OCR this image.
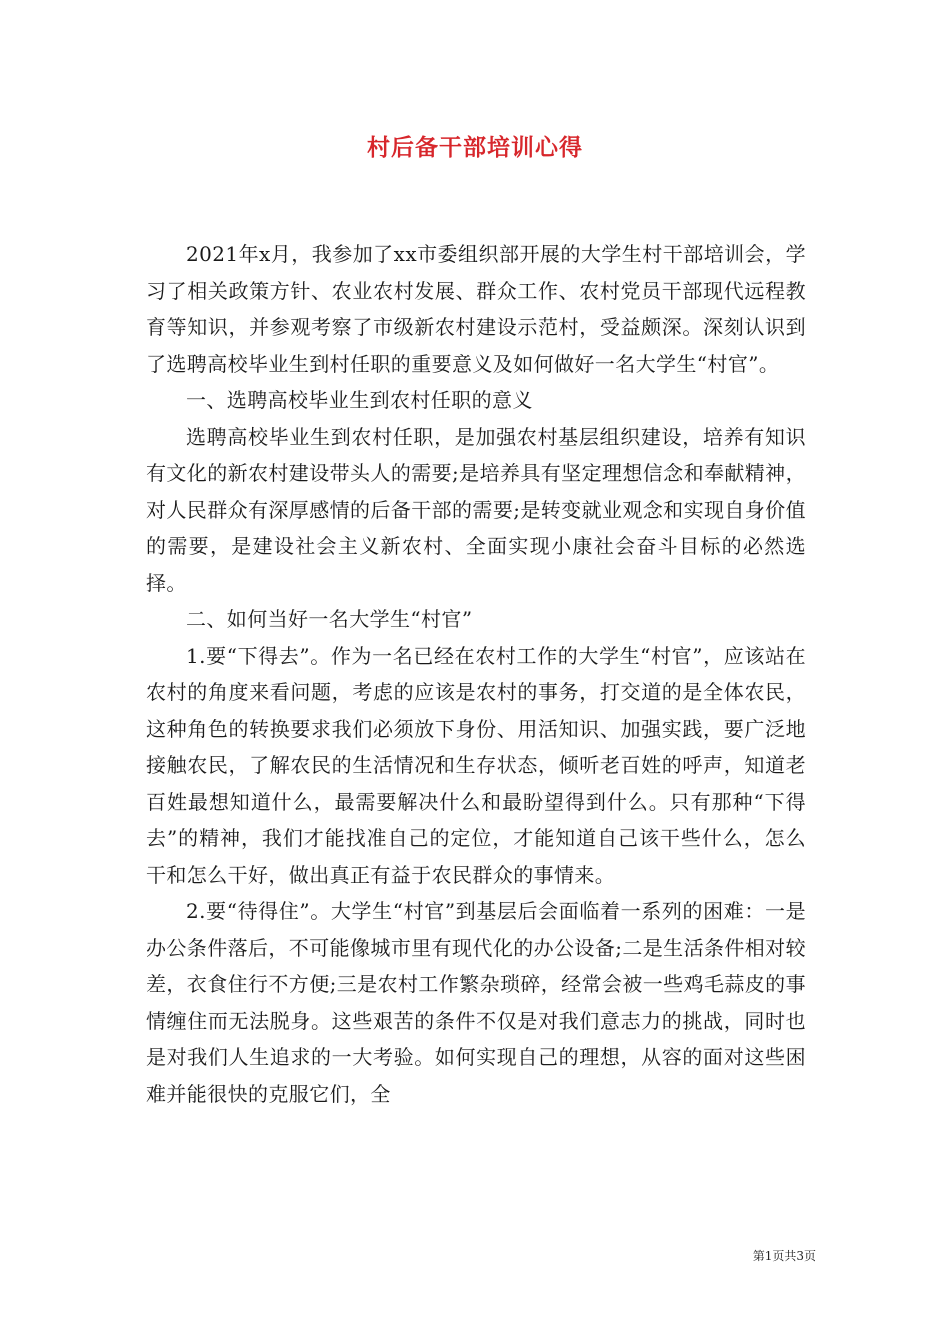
村后备干部培训心得

2021年x月，我参加了xx市委组织部开展的大学生村干部培训会，学习了相关政策方针、农业农村发展、群众工作、农村党员干部现代远程教育等知识，并参观考察了市级新农村建设示范村，受益颇深。深刻认识到了选聘高校毕业生到村任职的重要意义及如何做好一名大学生“村官”。

一、选聘高校毕业生到农村任职的意义

选聘高校毕业生到农村任职，是加强农村基层组织建设，培养有知识有文化的新农村建设带头人的需要;是培养具有坚定理想信念和奉献精神，对人民群众有深厚感情的后备干部的需要;是转变就业观念和实现自身价值的需要，是建设社会主义新农村、全面实现小康社会奋斗目标的必然选择。

二、如何当好一名大学生“村官”

1.要“下得去”。作为一名已经在农村工作的大学生“村官”，应该站在农村的角度来看问题，考虑的应该是农村的事务，打交道的是全体农民，这种角色的转换要求我们必须放下身份、用活知识、加强实践，要广泛地接触农民，了解农民的生活情况和生存状态，倾听老百姓的呼声，知道老百姓最想知道什么，最需要解决什么和最盼望得到什么。只有那种“下得去”的精神，我们才能找准自己的定位，才能知道自己该干些什么，怎么干和怎么干好，做出真正有益于农民群众的事情来。

2.要“待得住”。大学生“村官”到基层后会面临着一系列的困难：一是办公条件落后，不可能像城市里有现代化的办公设备;二是生活条件相对较差，衣食住行不方便;三是农村工作繁杂琐碎，经常会被一些鸡毛蒜皮的事情缠住而无法脱身。这些艰苦的条件不仅是对我们意志力的挑战，同时也是对我们人生追求的一大考验。如何实现自己的理想，从容的面对这些困难并能很快的克服它们，全

第1页共3页
